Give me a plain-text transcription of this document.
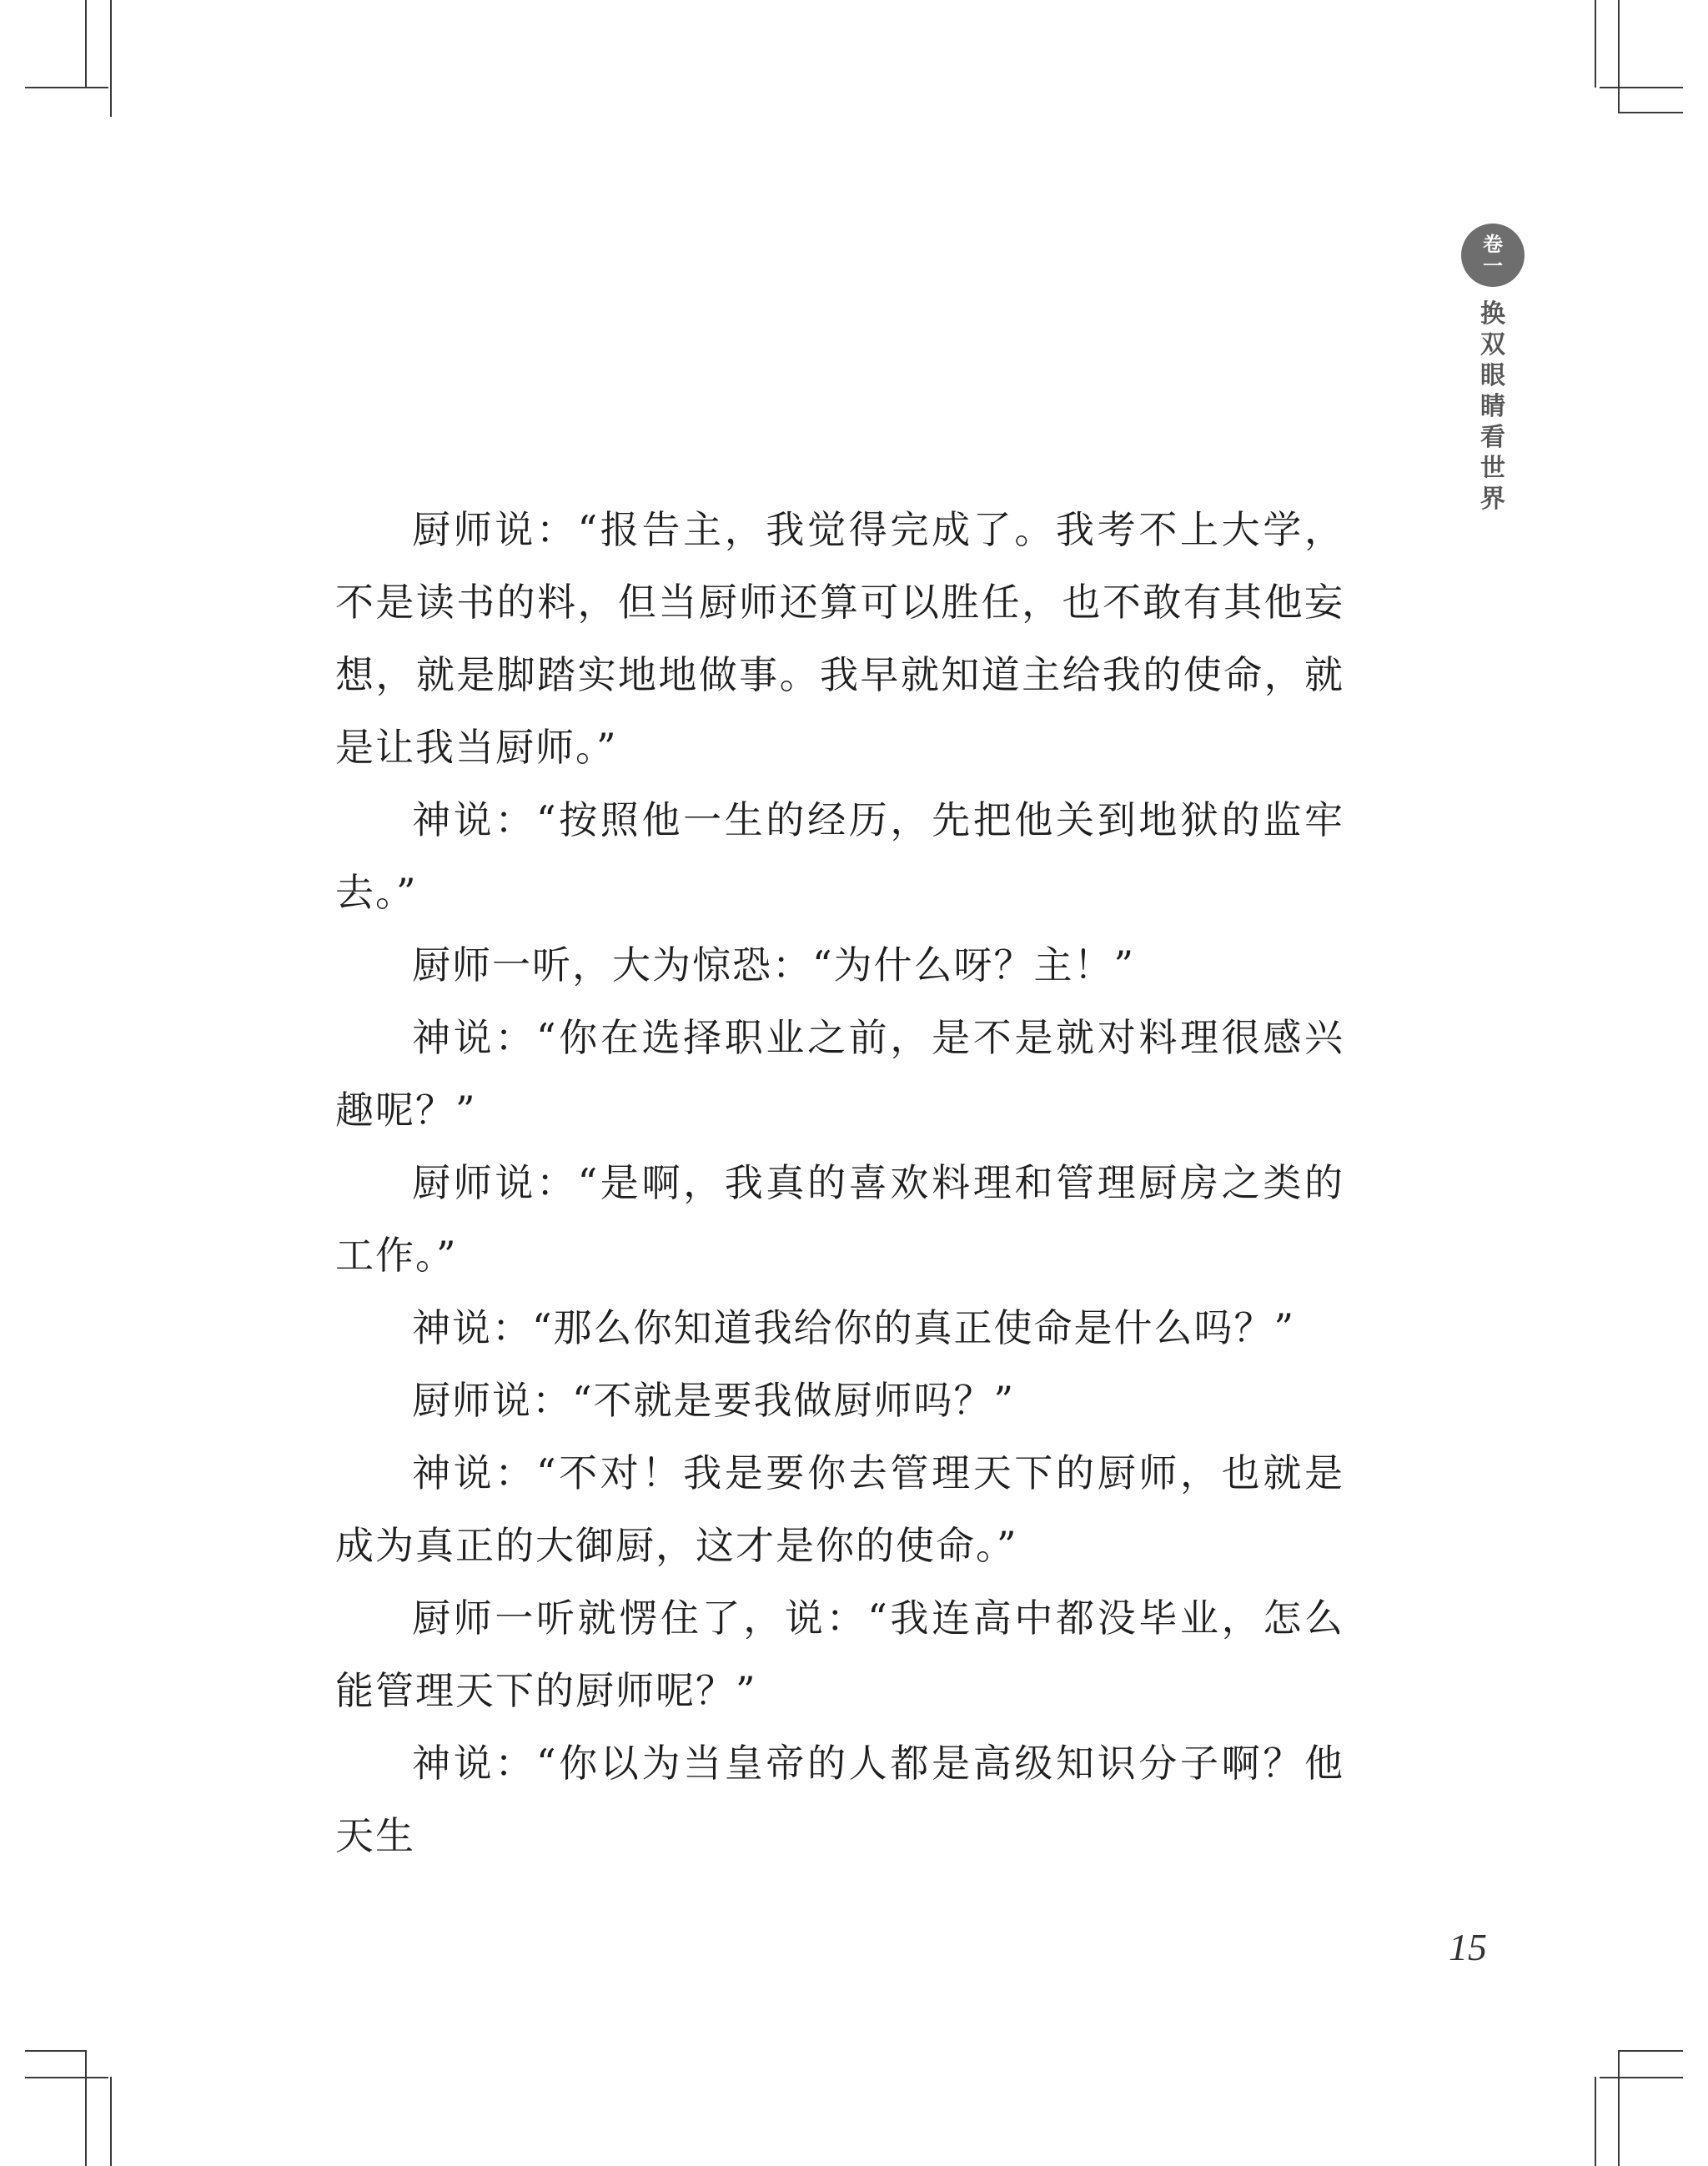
卷
一
换双眼睛看世界

厨师说：“报告主，我觉得完成了。我考不上大学，不是读书的料，但当厨师还算可以胜任，也不敢有其他妄想，就是脚踏实地地做事。我早就知道主给我的使命，就是让我当厨师。”

神说：“按照他一生的经历，先把他关到地狱的监牢去。”

厨师一听，大为惊恐：“为什么呀？主！”

神说：“你在选择职业之前，是不是就对料理很感兴趣呢？”

厨师说：“是啊，我真的喜欢料理和管理厨房之类的工作。”

神说：“那么你知道我给你的真正使命是什么吗？”

厨师说：“不就是要我做厨师吗？”

神说：“不对！我是要你去管理天下的厨师，也就是成为真正的大御厨，这才是你的使命。”

厨师一听就愣住了，说：“我连高中都没毕业，怎么能管理天下的厨师呢？”

神说：“你以为当皇帝的人都是高级知识分子啊？他天生

15
